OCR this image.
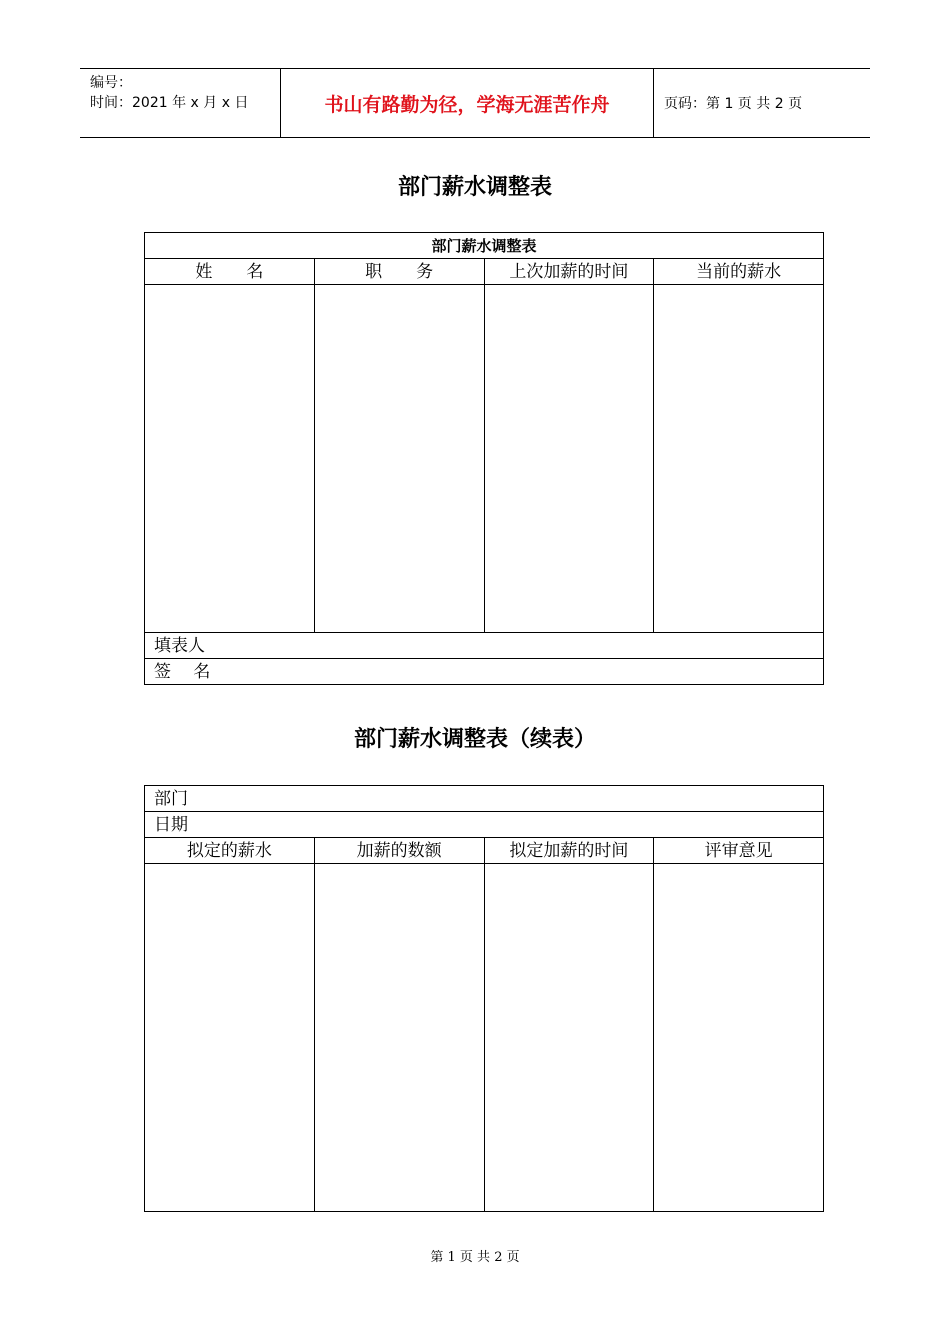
编号：
时间：2021 年 x 月 x 日	书山有路勤为径，学海无涯苦作舟	页码：第 1 页 共 2 页
部门薪水调整表
部门薪水调整表			
姓　　名	职　　务	上次加薪的时间	当前的薪水

填表人			
签　 名			
部门薪水调整表（续表）
部门			
日期			
拟定的薪水	加薪的数额	拟定加薪的时间	评审意见

第 1 页 共 2 页
